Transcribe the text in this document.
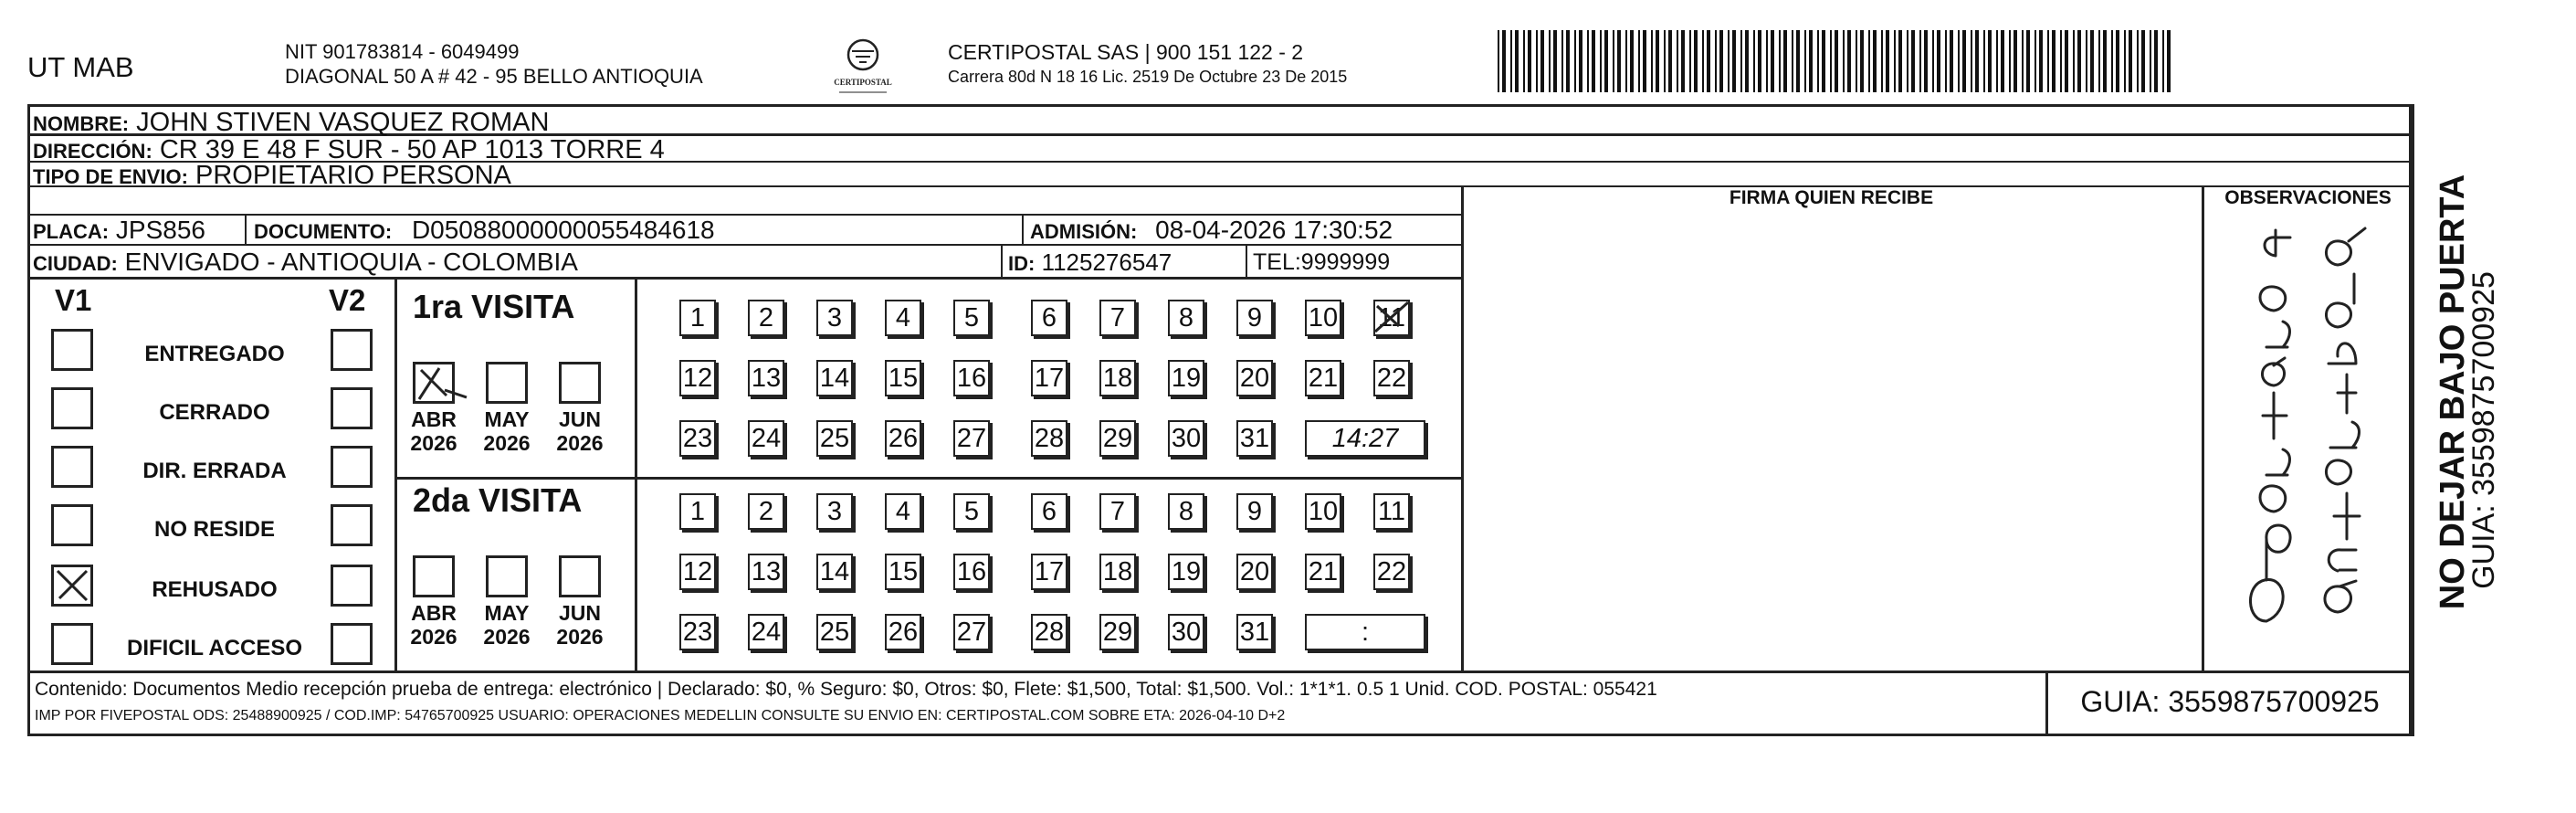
UT MAB	NIT 901783814 - 6049499
DIAGONAL 50 A # 42 - 95 BELLO ANTIOQUIA	CERTIPOSTAL
CERTIPOSTAL SAS | 900 151 122 - 2
Carrera 80d N 18 16 Lic. 2519 De Octubre 23 De 2015
NOMBRE: JOHN STIVEN VASQUEZ ROMAN
DIRECCIÓN: CR 39 E 48 F SUR - 50 AP 1013 TORRE 4
TIPO DE ENVIO: PROPIETARIO PERSONA
FIRMA QUIEN RECIBE	OBSERVACIONES
PLACA: JPS856 DOCUMENTO: D05088000000055484618	ADMISIÓN: 08-04-2026 17:30:52
CIUDAD: ENVIGADO - ANTIOQUIA - COLOMBIA	ID: 1125276547	TEL:9999999
V1	V2
ENTREGADO
CERRADO
DIR. ERRADA
NO RESIDE
REHUSADO
DIFICIL ACCESO
1ra VISITA
2da VISITA
ABR
2026
MAY
2026
JUN
2026
1	2	3	4	5	6	7	8	9	10 11
12 13 14 15 16 17 18 19 20 21 22
23 24 25 26 27 28 29 30 31	14:27
ABR
2026
MAY
2026
JUN
2026
1	2	3	4	5	6	7	8	9	10 11
12 13 14 15 16 17 18 19 20 21 22
23 24 25 26 27 28 29 30 31	:
Contenido: Documentos Medio recepción prueba de entrega: electrónico | Declarado: $0, % Seguro: $0, Otros: $0, Flete: $1,500, Total: $1,500. Vol.: 1*1*1. 0.5 1 Unid. COD. POSTAL: 055421
IMP POR FIVEPOSTAL ODS: 25488900925 / COD.IMP: 54765700925 USUARIO: OPERACIONES MEDELLIN CONSULTE SU ENVIO EN: CERTIPOSTAL.COM SOBRE ETA: 2026-04-10 D+2	GUIA: 3559875700925
NO DEJAR BAJO PUERTA
GUIA: 3559875700925
